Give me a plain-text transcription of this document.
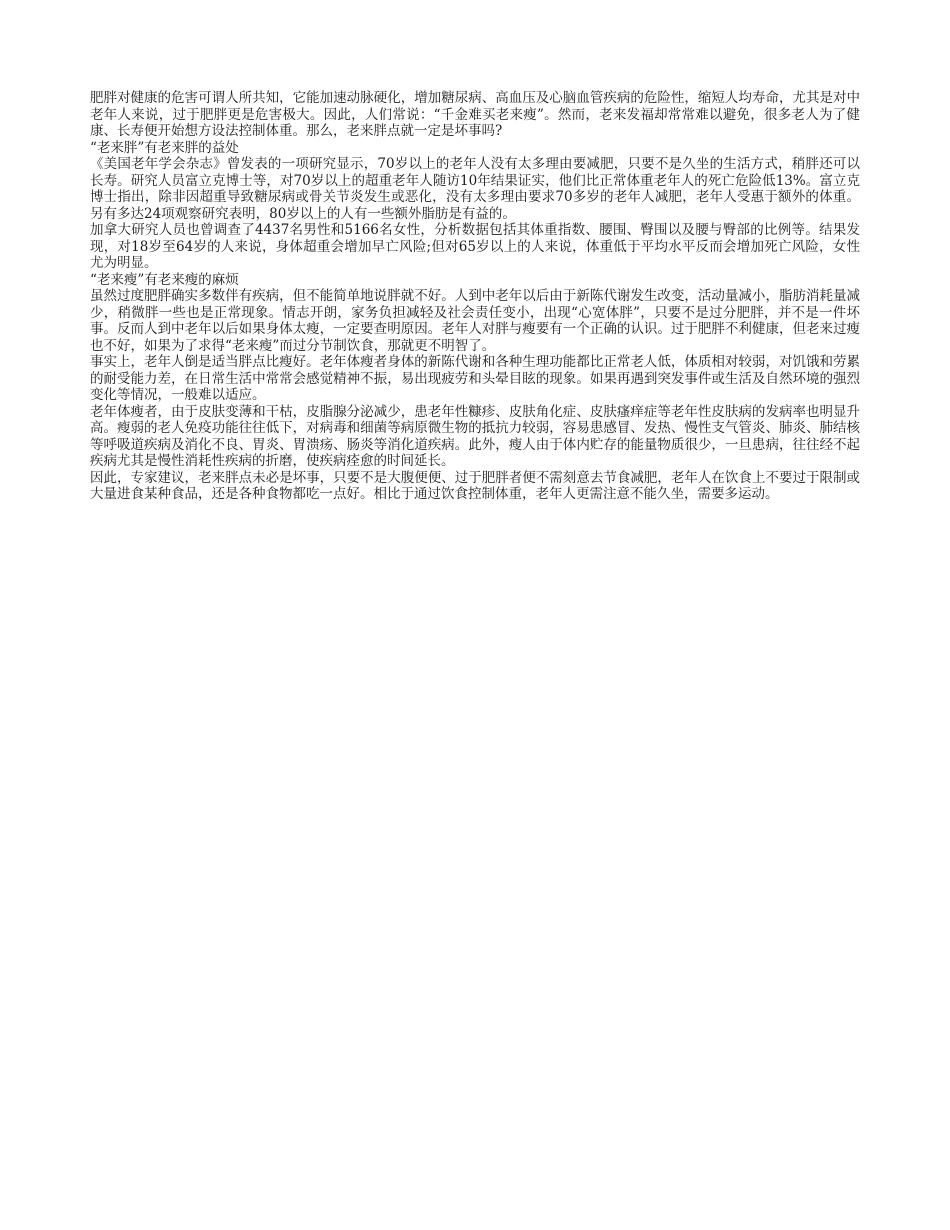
肥胖对健康的危害可谓人所共知，它能加速动脉硬化，增加糖尿病、高血压及心脑血管疾病的危险性，缩短人均寿命，尤其是对中老年人来说，过于肥胖更是危害极大。因此，人们常说：“千金难买老来瘦”。然而，老来发福却常常难以避免，很多老人为了健康、长寿便开始想方设法控制体重。那么，老来胖点就一定是坏事吗?

“老来胖”有老来胖的益处

《美国老年学会杂志》曾发表的一项研究显示，70岁以上的老年人没有太多理由要减肥，只要不是久坐的生活方式，稍胖还可以长寿。研究人员富立克博士等，对70岁以上的超重老年人随访10年结果证实，他们比正常体重老年人的死亡危险低13%。富立克博士指出，除非因超重导致糖尿病或骨关节炎发生或恶化，没有太多理由要求70多岁的老年人减肥，老年人受惠于额外的体重。另有多达24项观察研究表明，80岁以上的人有一些额外脂肪是有益的。

加拿大研究人员也曾调查了4437名男性和5166名女性，分析数据包括其体重指数、腰围、臀围以及腰与臀部的比例等。结果发现，对18岁至64岁的人来说，身体超重会增加早亡风险;但对65岁以上的人来说，体重低于平均水平反而会增加死亡风险，女性尤为明显。

“老来瘦”有老来瘦的麻烦

虽然过度肥胖确实多数伴有疾病，但不能简单地说胖就不好。人到中老年以后由于新陈代谢发生改变，活动量减小，脂肪消耗量减少，稍微胖一些也是正常现象。情志开朗，家务负担减轻及社会责任变小，出现“心宽体胖”，只要不是过分肥胖，并不是一件坏事。反而人到中老年以后如果身体太瘦，一定要查明原因。老年人对胖与瘦要有一个正确的认识。过于肥胖不利健康，但老来过瘦也不好，如果为了求得“老来瘦”而过分节制饮食，那就更不明智了。

事实上，老年人倒是适当胖点比瘦好。老年体瘦者身体的新陈代谢和各种生理功能都比正常老人低，体质相对较弱，对饥饿和劳累的耐受能力差，在日常生活中常常会感觉精神不振，易出现疲劳和头晕目眩的现象。如果再遇到突发事件或生活及自然环境的强烈变化等情况，一般难以适应。

老年体瘦者，由于皮肤变薄和干枯，皮脂腺分泌减少，患老年性糠疹、皮肤角化症、皮肤瘙痒症等老年性皮肤病的发病率也明显升高。瘦弱的老人免疫功能往往低下，对病毒和细菌等病原微生物的抵抗力较弱，容易患感冒、发热、慢性支气管炎、肺炎、肺结核等呼吸道疾病及消化不良、胃炎、胃溃疡、肠炎等消化道疾病。此外，瘦人由于体内贮存的能量物质很少，一旦患病，往往经不起疾病尤其是慢性消耗性疾病的折磨，使疾病痊愈的时间延长。

因此，专家建议，老来胖点未必是坏事，只要不是大腹便便、过于肥胖者便不需刻意去节食减肥，老年人在饮食上不要过于限制或大量进食某种食品，还是各种食物都吃一点好。相比于通过饮食控制体重，老年人更需注意不能久坐，需要多运动。
